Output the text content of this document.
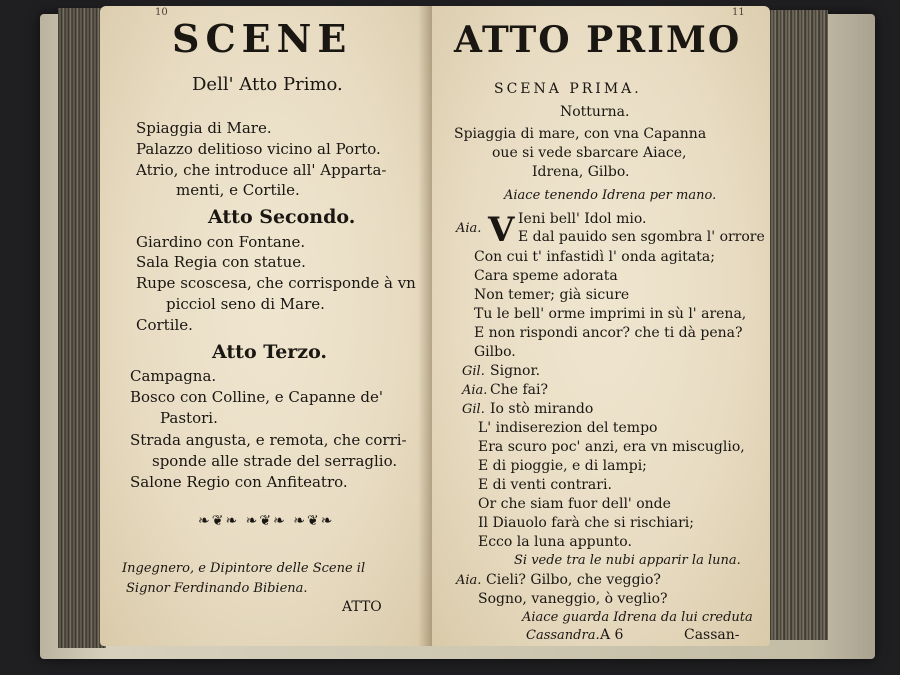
10
SCENE
Dell' Atto Primo.
Spiaggia di Mare.
Palazzo delitioso vicino al Porto.
Atrio, che introduce all' Apparta-
menti, e Cortile.
Atto Secondo.
Giardino con Fontane.
Sala Regia con statue.
Rupe scoscesa, che corrisponde à vn
picciol seno di Mare.
Cortile.
Atto Terzo.
Campagna.
Bosco con Colline, e Capanne de'
Pastori.
Strada angusta, e remota, che corri-
sponde alle strade del serraglio.
Salone Regio con Anfiteatro.
❧❦❧ ❧❦❧ ❧❦❧
Ingegnero, e Dipintore delle Scene il
Signor Ferdinando Bibiena.
ATTO
11
ATTO PRIMO
SCENA PRIMA.
Notturna.
Spiaggia di mare, con vna Capanna
oue si vede sbarcare Aiace,
Idrena, Gilbo.
Aiace tenendo Idrena per mano.
Aia. V Ieni bell' Idol mio.
E dal pauido sen sgombra l' orrore
Con cui t' infastidì l' onda agitata;
Cara speme adorata
Non temer; già sicure
Tu le bell' orme imprimi in sù l' arena,
E non rispondi ancor? che ti dà pena?
Gilbo.
Gil. Signor.
Aia. Che fai?
Gil. Io stò mirando
L' indiserezion del tempo
Era scuro poc' anzi, era vn miscuglio,
E di pioggie, e di lampi;
E di venti contrari.
Or che siam fuor dell' onde
Il Diauolo farà che si rischiari;
Ecco la luna appunto.
Si vede tra le nubi apparir la luna.
Aia. Cieli? Gilbo, che veggio?
Sogno, vaneggio, ò veglio?
Aiace guarda Idrena da lui creduta
Cassandra. A 6	Cassan-
